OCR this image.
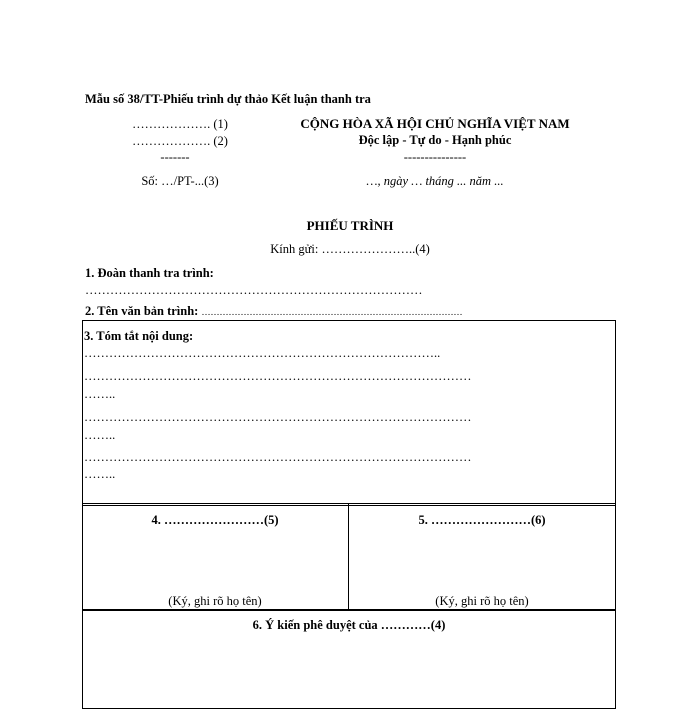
Mẫu số 38/TT-Phiếu trình dự thảo Kết luận thanh tra
………………. (1)
………………. (2)
-------
Số: …/PT-...(3)
CỘNG HÒA XÃ HỘI CHỦ NGHĨA VIỆT NAM
Độc lập - Tự do - Hạnh phúc
---------------
…, ngày … tháng ... năm ...
PHIẾU TRÌNH
Kính gửi: …………………..(4)
1. Đoàn thanh tra trình:
………………………………………………………………………
2. Tên văn bản trình: ……………………………………………………………………………
3. Tóm tắt nội dung:
…………………………………………………………………………..
…………………………………………………………………………………
……..
…………………………………………………………………………………
……..
…………………………………………………………………………………
……..
4. ……………………(5)
(Ký, ghi rõ họ tên)
5. ……………………(6)
(Ký, ghi rõ họ tên)
6. Ý kiến phê duyệt của …………(4)
